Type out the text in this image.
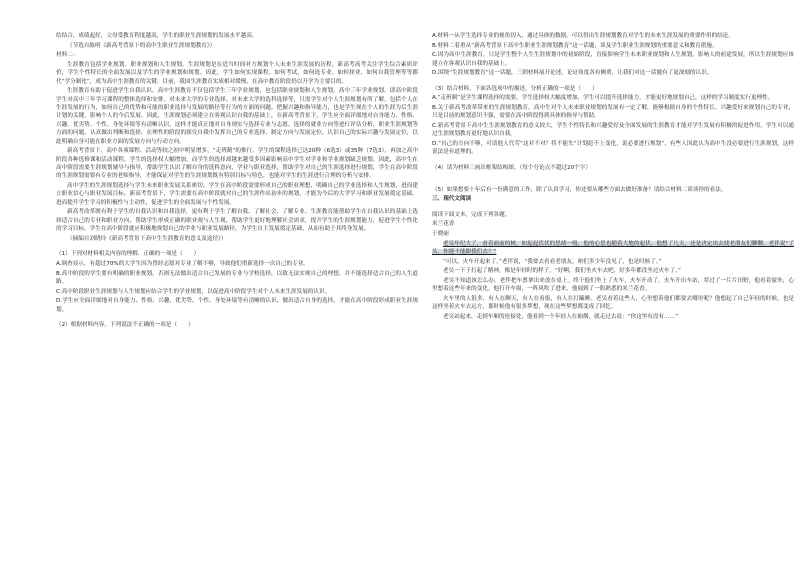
结结合，成绩起好，父母受教育程度越高，学生的职业生涯规划的发展水平越高。
（节选自陈明《新高考背景下的高中生职业生涯规划教育》）
材料二：
生涯教育包括学业规划、职业规划和人生规划。生涯规划是在适当时间对方规划个人未来生涯发展的历程，新高考高考关注学生综合素质评价，学生个性特长的全面发展以及学生的学业规划和规划。因此，学生如何实现课程、如何考试、如何选专业、如何择业、如何自我管理等等都代“学分制化”，成为高中生涯教育的关键。目前，我国生涯教育实质相对缓慢，在高中教育阶段仍以升学为主要目的。
生涯教育有助于促进学生自我认识。高中生涯教育不仅包括学生三年学业规划，也包括职业规划和人生规划。高中三年学业规划，即高中阶段学生对高中三年学习课程的整体选择和安排，对未来大学的专业选择、对未来大学的选科选择等，只需学生对个人生涯规划有所了解，包括个人在生涯发展的行为，如何自己的优势和可能的职业选择与发展的路径等行为的方面的问题。把握兴趣和指导能力，也是学生现在个人的生涯为后生涯计划的关键，影响个人的今后发展。因此，生涯规划必须建立在客观认识自我的基础上，在新高考背景下，学生应全面详细地对自身能力、性格、兴趣、优劣势、个性、身处环境等有清晰认识，这样才能真正地对自身现实与选择专业与志愿，选择的就业方向等进行评估分析，职业生涯规划等方面的问题，认真做出判断和选择，在理性的阶段的探究自我中发挥自己的专业选择，制定方向与发展定位，认识自己的实际兴趣与发展定位，以此明确自身可能在职业方面的发展方向与行动方向。
新高考背景下，高中各项课程、活动等较之初中明显增多，“走班制”的推行，学生的课程选择已达20种（6选3）或35种（7选3），再加之高中阶段各种选修课和活动课程，学生的选择权大幅增加，而学生的选择却越来越受多因素影响高中学生对学业和学业规划缺乏规划。因此，高中生在高中阶段需要生涯规划辅导与指导，帮助学生认识了解自身的选科意向、学业与职业选择，帮助学生对自己的生涯选择进行规划，学生在高中阶段的生涯规划需要有专业的老师指导，才能保证对学生的生涯规划既有特别目标与特色，也能对学生的生涯进行合理的分析与安排。
高中学生的生涯规划选择与学生未来职业发展关系密切。学生在高中阶段需要形成自己的职业理想，明确自己的学业选择和人生规划，进而建立职业信心与职业发展目标。新高考背景下，学生需要在高中阶段就对自己的生涯作出初步的规划，才能为今后的大学学习和职业发展奠定基础，进而提升学生学习的积极性与主动性，促进学生的全面发展与个性发展。
新高考改革既有利于学生的自我认识和自我选择，更有利于学生了解自我、了解社会、了解专业。生涯教育能帮助学生在自我认识的基础上选择适合自己的专业和职业方向，帮助学生形成正确的职业观与人生观，帮助学生更好地理解社会需求，提升学生的生涯规划能力，促进学生个性化的学习目标，学生在高中阶段就应积极地规划自己的学业与职业发展路径，为学生自主发展奠定基础，从而有助于其终身发展。
（摘编自刘晓玲《新高考背景下高中生生涯教育的意义及途径》）
（1）下列对材料相关内容的理解，正确的一项是（　　）
A.调查显示，有超过70%的大学生因为曾经志愿对专业了解不够，导致他们重新选择一次自己的专业。
B.高中阶段的学生要有明确的职业规划，否则无法做出适合自己发展的专业与学校选择，以致无法实现自己的理想，并不能选择适合自己的人生道路。
C.高中阶段职业生涯规划与人生规划应结合学生的学业规划，以促进高中阶段学生对个人未来生涯发展的认识。
D.学生应全面详细地对自身能力、性格、兴趣、优劣势、个性、身处环境等有清晰的认识，做出适合自身的选择，才能在高中阶段形成职业生涯规划。
（2）根据材料内容，下列说法不正确的一项是（　　）
A.材料一从学生选择专业的视角切入，通过具体的数据，可以得出生涯规划教育对学生的未来生涯发展的重要作用的结论。
B.材料二着重从“新高考背景下高中生职业生涯规划教育”这一话题，谈及学生职业生涯规划的重要意义和教育措施。
C.因为高中生涯教育，只是学生整个人生生涯规划中的初始阶段，直接影响学生未来职业规划和人生规划，影响人的前途发展，所以生涯规划应该建立在客观认识自我的基础上。
D.围绕“生涯规划教育”这一话题，三则材料展开论述，论证角度各有侧重，让我们对这一话题有了更深刻的认识。
（3）结合材料，下面各选项中的描述，分析正确的一项是（　　）
A.“走班制”是学生课程选择的需要，学生选择权大幅度增加，学生可以提升选择能力，才能更好地规划自己，这样的学习制度实行更理性。
B.关于新高考改革带来的生涯规划教育，高中生对个人未来职业规划的发展有一定了解，能够根据自身的个性特长、兴趣爱好来规划自己的专业，只是目前的规划意识不强，需要在高中阶段得到具体的指导与帮助。
C.新高考背景下高中生生涯规划教育的意义较大，学生个性特长和兴趣爱好及全面发展的生涯教育才能对学生发展有积极的促进作用，学生可以通过生涯规划教育更好地认识自我。
D.“自己的方向不够，可请他人代劳”这对不对？将不能失“计划赶不上变化，说必要进行规划”，有些人因此认为高中生没必要进行生涯规划，这样说法是有道理的。
（4）请为材料三画出框架结构图。（每个分论点不超过20个字）
（5）如果想要十年后有一份满意的工作，除了认真学习，你还要从哪些方面去做好准备？请结合材料二谈谈你的看法。
三、现代文阅读
阅读下面文本，完成下列各题。
米兰花香
于晓丽
老吴年纪大了，看着面前的树，如起起伏伏的思绪一般，他的心思也随着大地的起伏。他想了几天，还是决定出去找老朋友们聊聊。老伴说“了头，你能不能跟我们去？”
“可以，火车开起来了。”老伴说，“我要去看看老朋友，咱们多少年没见了，也是时候了。”
老吴一下子打起了精神，像是年轻时的样子。“好啊，我们坐火车去吧，好多年都没坐过火车了。”
老吴不知道该怎么办，老伴把车票拿出来放在桌上。终于他们坐上了火车，火车开动了。火车开出车站，穿过了一片片田野，他看着窗外，心里想着这些年来的变化，他打开车窗，一阵风吹了进来，他闻到了一股熟悉的米兰花香。
火车里的人很多，有人在聊天，有人在看报，有人在打瞌睡。老吴看着这些人，心里想着他们都要去哪里呢？他想起了自己年轻的时候，也是这样坐着火车去远方，那时候他有很多梦想，现在这些梦想都变成了回忆。
老吴站起来，走到车厢的连接处，他看到一个年轻人在抽烟，就走过去说：“你这里有没有……”
